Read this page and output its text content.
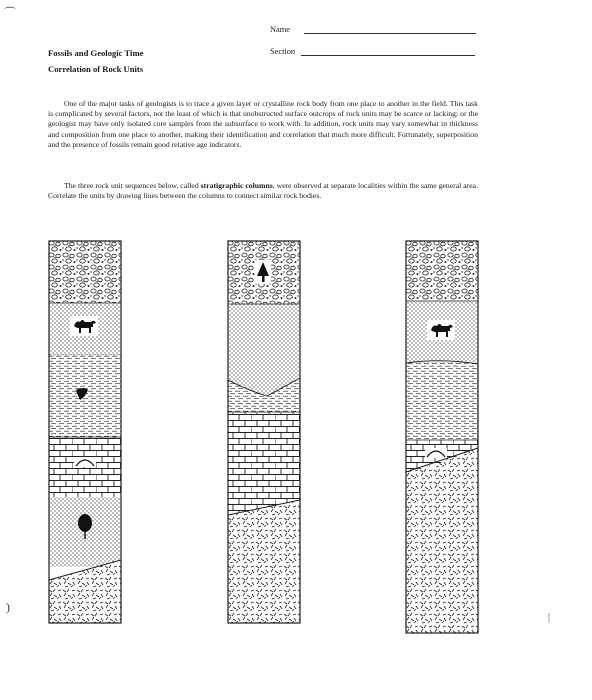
Fossils and Geologic Time
Correlation of Rock Units
Name
Section
One of the major tasks of geologists is to trace a given layer or crystalline rock body from one place to another in the field. This task is complicated by several factors, not the least of which is that unobstructed surface outcrops of rock units may be scarce or lacking; or the geologist may have only isolated core samples from the subsurface to work with. In addition, rock units may vary somewhat in thickness and composition from one place to another, making their identification and correlation that much more difficult. Fortunately, superposition and the presence of fossils remain good relative age indicators.
The three rock unit sequences below, called stratigraphic columns, were observed at separate localities within the same general area. Correlate the units by drawing lines between the columns to connect similar rock bodies.
⌒
)
|
